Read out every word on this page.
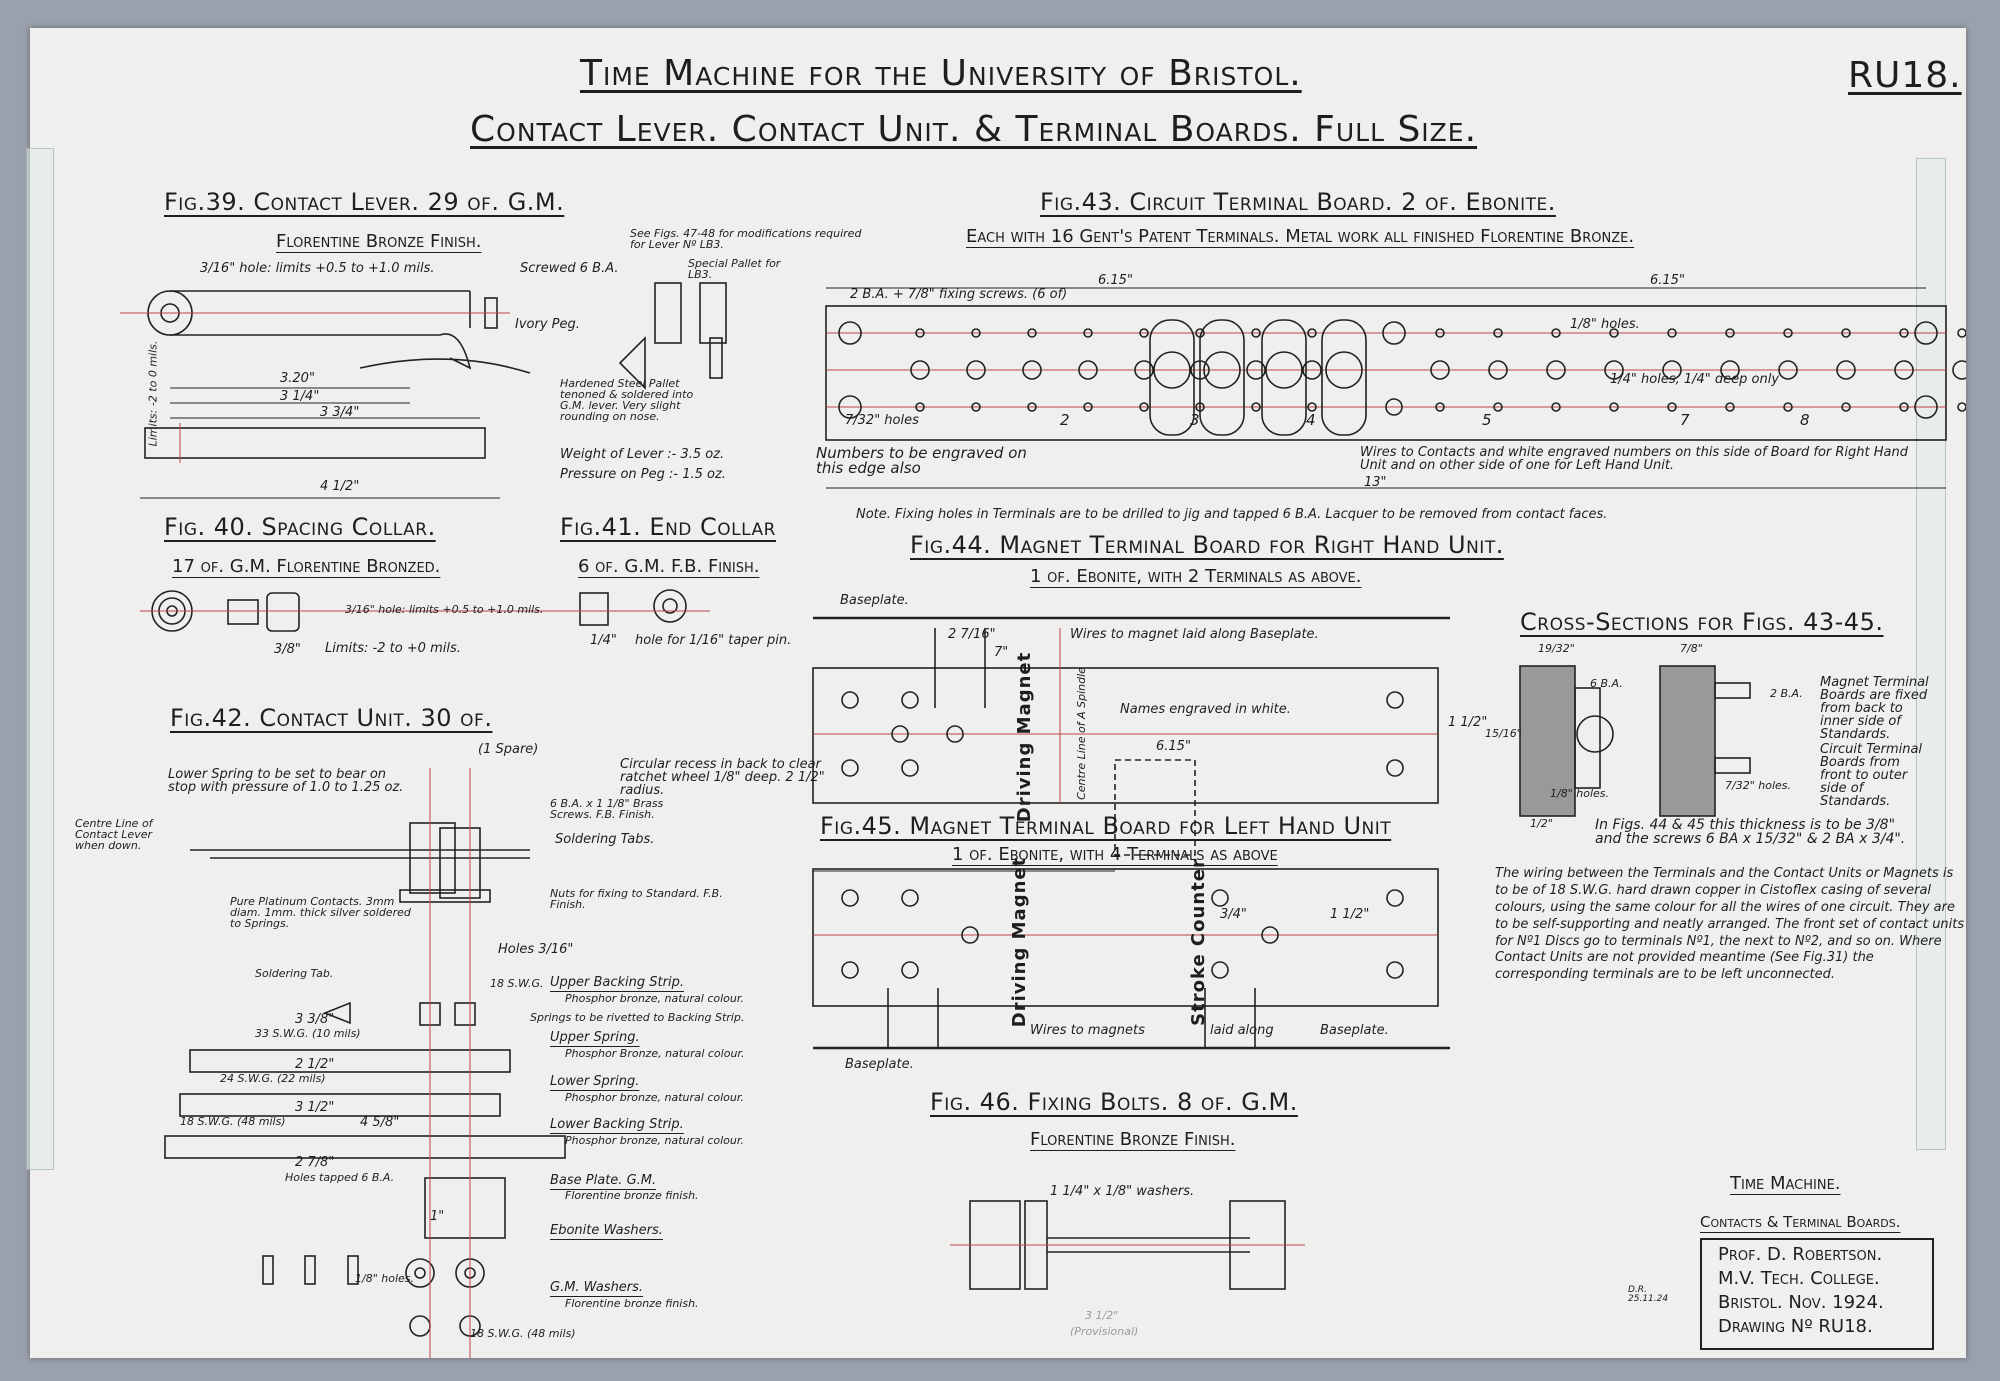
Time Machine for the University of Bristol.
Contact Lever. Contact Unit. & Terminal Boards. Full Size.
RU18.
Fig.39. Contact Lever. 29 of. G.M.
Florentine Bronze Finish.	See Figs. 47-48 for modifications required for Lever Nº LB3.
3/16" hole: limits +0.5 to +1.0 mils.	Screwed 6 B.A.
Ivory Peg.
Special Pallet for LB3.
Hardened Steel Pallet tenoned & soldered into G.M. lever. Very slight rounding on nose.
Weight of Lever :- 3.5 oz.
Pressure on Peg :- 1.5 oz.
Limits: -2 to 0 mils.	3.20"
3 1/4"
3 3/4"
4 1/2"
Fig. 40. Spacing Collar.
17 of. G.M. Florentine Bronzed.
3/16" hole: limits +0.5 to +1.0 mils.
Limits: -2 to +0 mils.
3/8"
Fig.41. End Collar
6 of. G.M. F.B. Finish.
hole for 1/16" taper pin.
1/4"
Fig.42. Contact Unit. 30 of.
(1 Spare)
Lower Spring to be set to bear on stop with pressure of 1.0 to 1.25 oz.
Centre Line of Contact Lever when down.
Pure Platinum Contacts. 3mm diam. 1mm. thick silver soldered to Springs.
6 B.A. x 1 1/8" Brass Screws. F.B. Finish.
Soldering Tabs.
Nuts for fixing to Standard. F.B. Finish.
Holes 3/16"
Soldering Tab.
18 S.W.G. Upper Backing Strip.
Phosphor bronze, natural colour.
Springs to be rivetted to Backing Strip.
Upper Spring.
Phosphor Bronze, natural colour.
Lower Spring.
Phosphor bronze, natural colour.
Lower Backing Strip.
Phosphor bronze, natural colour.
Base Plate. G.M.
Florentine bronze finish.
Holes tapped 6 B.A.
Ebonite Washers.
G.M. Washers.
Florentine bronze finish.
18 S.W.G. (48 mils)
33 S.W.G. (10 mils)
24 S.W.G. (22 mils)
18 S.W.G. (48 mils)
1/8" holes.
3 3/8"
2 1/2"
3 1/2"
4 5/8"
2 7/8"
1"
Fig.43. Circuit Terminal Board. 2 of. Ebonite.
Each with 16 Gent's Patent Terminals. Metal work all finished Florentine Bronze.
2 B.A. + 7/8" fixing screws. (6 of)
7/32" holes
1/8" holes.
1/4" holes, 1/4" deep only
Numbers to be engraved on this edge also
Wires to Contacts and white engraved numbers on this side of Board for Right Hand Unit and on other side of one for Left Hand Unit.
6.15"	6.15"
13"
Note. Fixing holes in Terminals are to be drilled to jig and tapped 6 B.A. Lacquer to be removed from contact faces.
2	3	4	5	7	8
Fig.44. Magnet Terminal Board for Right Hand Unit.
1 of. Ebonite, with 2 Terminals as above.
Baseplate.
Wires to magnet laid along Baseplate.
Names engraved in white.
Driving Magnet	Centre Line of A Spindle	6.15"
7"
2 7/16"
1 1/2"
Circular recess in back to clear ratchet wheel 1/8" deep. 2 1/2" radius.
Fig.45. Magnet Terminal Board for Left Hand Unit
1 of. Ebonite, with 4 Terminals as above
Driving Magnet	Stroke Counter
Wires to magnets	laid along	Baseplate.
Baseplate.
3/4"	1 1/2"
Cross-Sections for Figs. 43-45.
6 B.A.
2 B.A.
1/8" holes.
7/32" holes.
Magnet Terminal Boards are fixed from back to inner side of Standards.
Circuit Terminal Boards from front to outer side of Standards.
In Figs. 44 & 45 this thickness is to be 3/8" and the screws 6 BA x 15/32" & 2 BA x 3/4".
19/32"	7/8"
15/16"
1/2"
The wiring between the Terminals and the Contact Units or Magnets is to be of 18 S.W.G. hard drawn copper in Cistoflex casing of several colours, using the same colour for all the wires of one circuit. They are to be self-supporting and neatly arranged. The front set of contact units for Nº1 Discs go to terminals Nº1, the next to Nº2, and so on. Where Contact Units are not provided meantime (See Fig.31) the corresponding terminals are to be left unconnected.
Fig. 46. Fixing Bolts. 8 of. G.M.
Florentine Bronze Finish.
1 1/4" x 1/8" washers.
3 1/2"
(Provisional)
Time Machine.
Contacts & Terminal Boards.
Prof. D. Robertson.
M.V. Tech. College.
Bristol. Nov. 1924.
Drawing Nº RU18.
D.R. 25.11.24
